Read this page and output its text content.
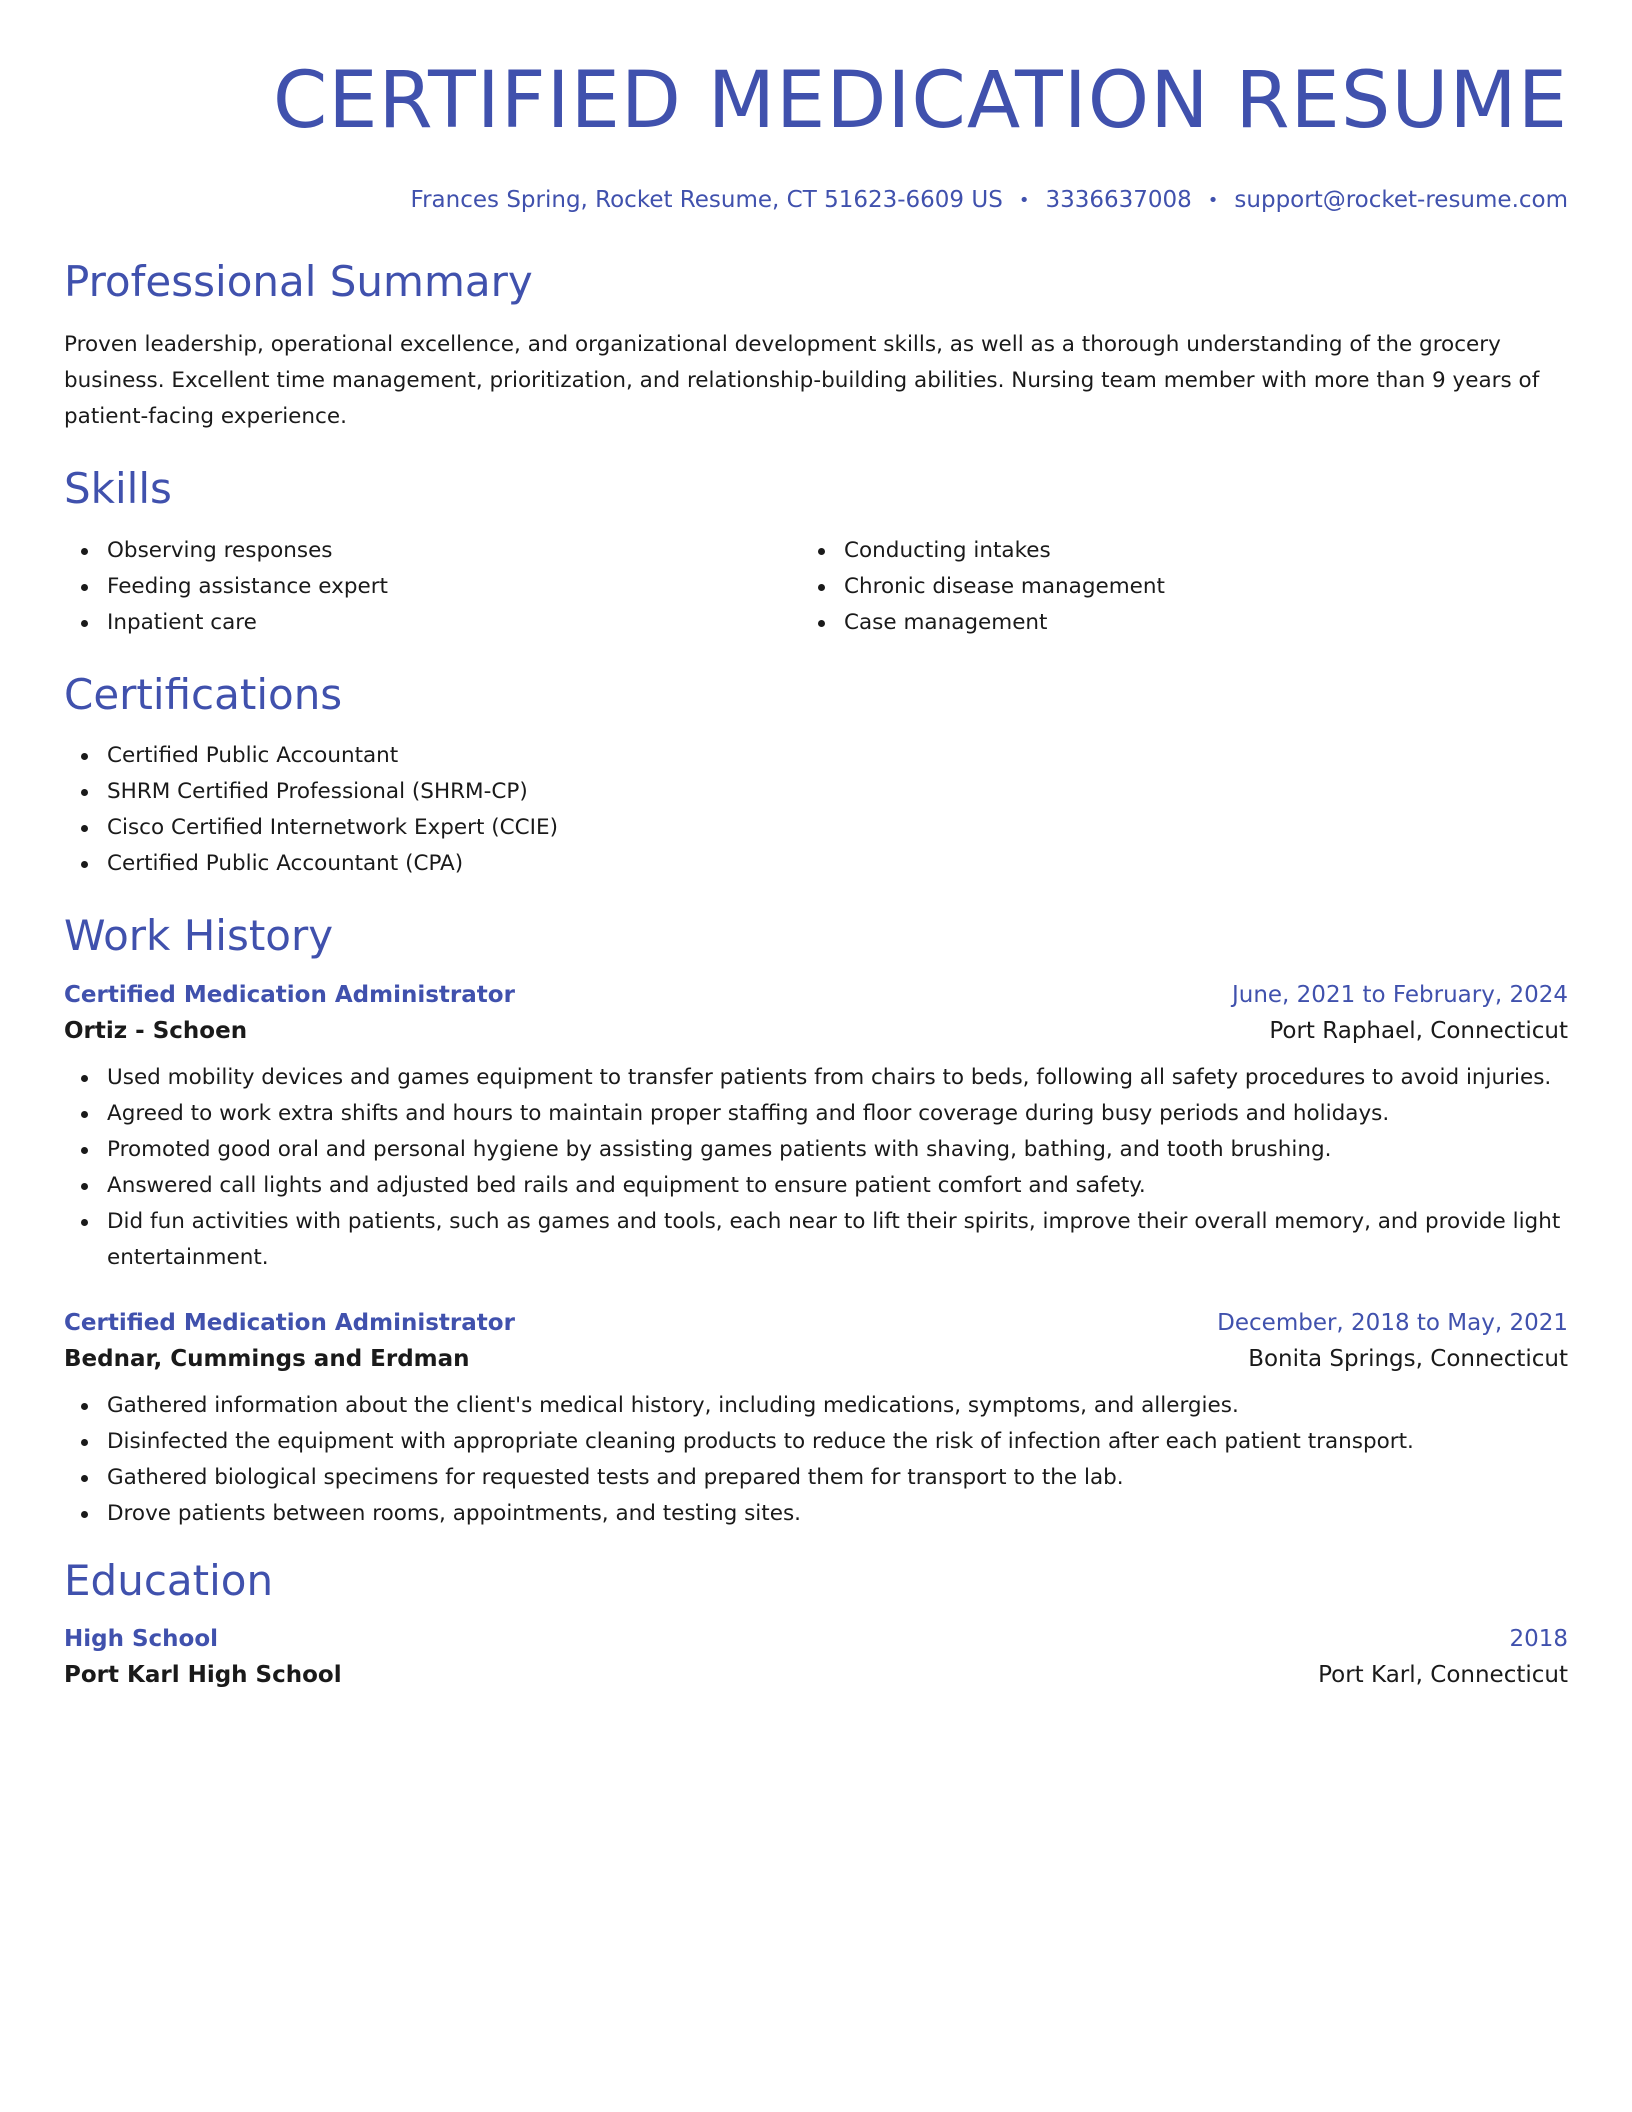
CERTIFIED MEDICATION RESUME
Frances Spring, Rocket Resume, CT 51623-6609 US • 3336637008 • support@rocket-resume.com
Professional Summary
Proven leadership, operational excellence, and organizational development skills, as well as a thorough understanding of the grocery business. Excellent time management, prioritization, and relationship-building abilities. Nursing team member with more than 9 years of patient-facing experience.
Skills
Observing responses
Feeding assistance expert
Inpatient care
Conducting intakes
Chronic disease management
Case management
Certifications
Certified Public Accountant
SHRM Certified Professional (SHRM-CP)
Cisco Certified Internetwork Expert (CCIE)
Certified Public Accountant (CPA)
Work History
Certified Medication Administrator	June, 2021 to February, 2024
Ortiz - Schoen	Port Raphael, Connecticut
Used mobility devices and games equipment to transfer patients from chairs to beds, following all safety procedures to avoid injuries.
Agreed to work extra shifts and hours to maintain proper staffing and floor coverage during busy periods and holidays.
Promoted good oral and personal hygiene by assisting games patients with shaving, bathing, and tooth brushing.
Answered call lights and adjusted bed rails and equipment to ensure patient comfort and safety.
Did fun activities with patients, such as games and tools, each near to lift their spirits, improve their overall memory, and provide light entertainment.
Certified Medication Administrator	December, 2018 to May, 2021
Bednar, Cummings and Erdman	Bonita Springs, Connecticut
Gathered information about the client's medical history, including medications, symptoms, and allergies.
Disinfected the equipment with appropriate cleaning products to reduce the risk of infection after each patient transport.
Gathered biological specimens for requested tests and prepared them for transport to the lab.
Drove patients between rooms, appointments, and testing sites.
Education
High School	2018
Port Karl High School	Port Karl, Connecticut
